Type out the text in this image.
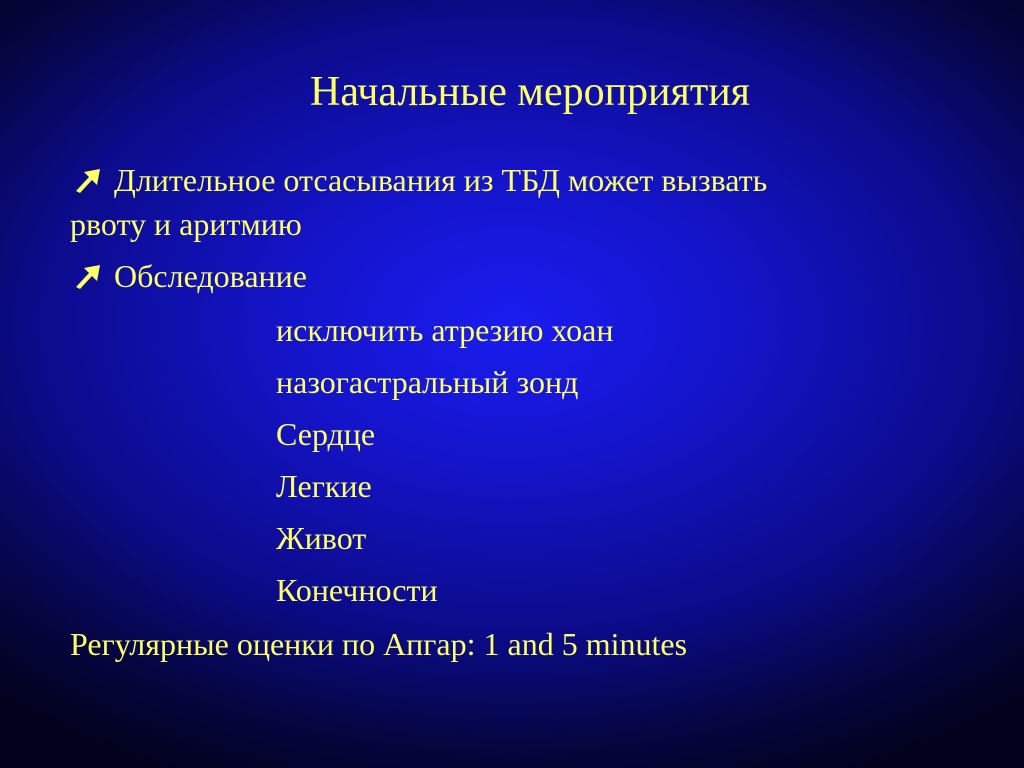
Начальные мероприятия
Длительное отсасывания из ТБД может вызвать
рвоту и аритмию
Обследование
исключить атрезию хоан
назогастральный зонд
Сердце
Легкие
Живот
Конечности
Регулярные оценки по Апгар: 1 and 5 minutes
